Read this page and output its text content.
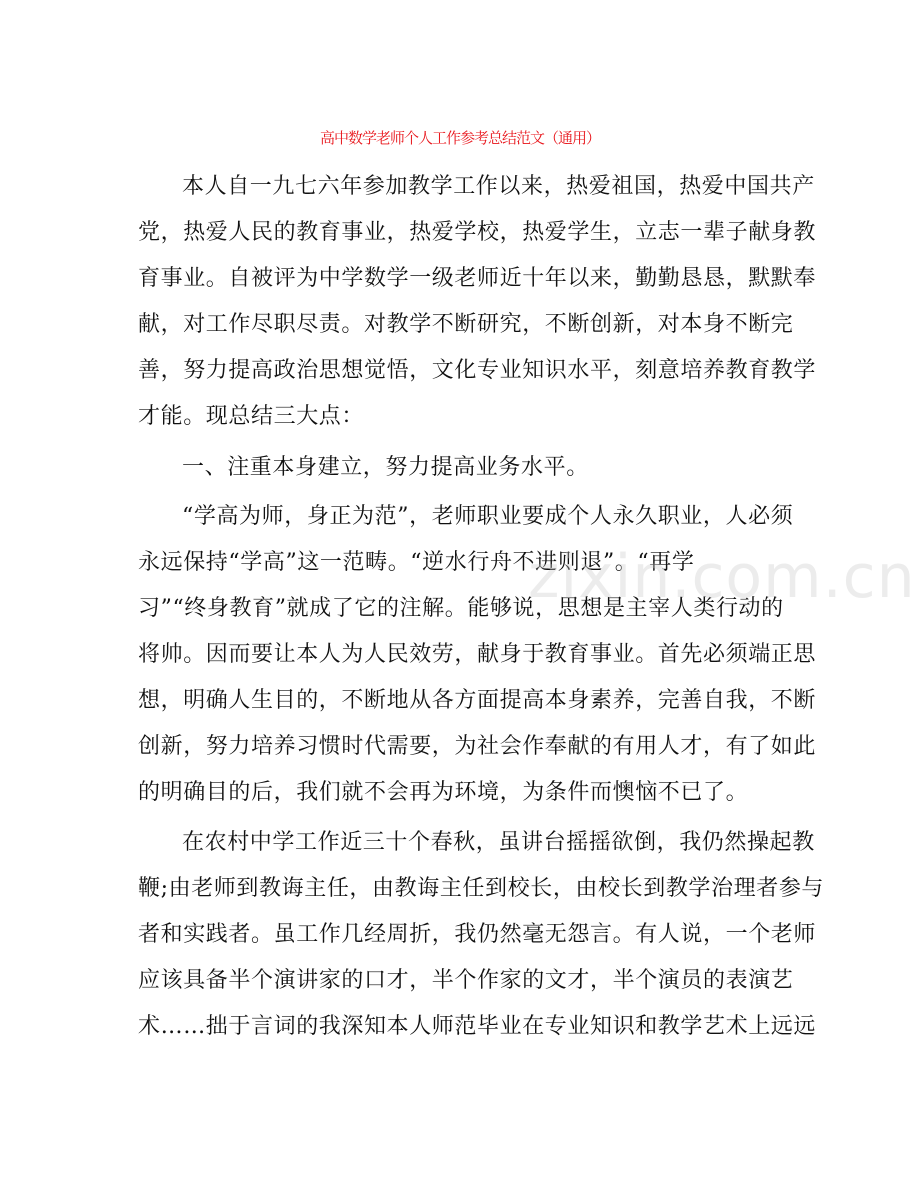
高中数学老师个人工作参考总结范文（通用）
本人自一九七六年参加教学工作以来，热爱祖国，热爱中国共产
党，热爱人民的教育事业，热爱学校，热爱学生，立志一辈子献身教
育事业。自被评为中学数学一级老师近十年以来，勤勤恳恳，默默奉
献，对工作尽职尽责。对教学不断研究，不断创新，对本身不断完
善，努力提高政治思想觉悟，文化专业知识水平，刻意培养教育教学
才能。现总结三大点：
一、注重本身建立，努力提高业务水平。
“学高为师，身正为范”，老师职业要成个人永久职业，人必须
永远保持“学高”这一范畴。“逆水行舟不进则退”。“再学
习”“终身教育”就成了它的注解。能够说，思想是主宰人类行动的
将帅。因而要让本人为人民效劳，献身于教育事业。首先必须端正思
想，明确人生目的，不断地从各方面提高本身素养，完善自我，不断
创新，努力培养习惯时代需要，为社会作奉献的有用人才，有了如此
的明确目的后，我们就不会再为环境，为条件而懊恼不已了。
在农村中学工作近三十个春秋，虽讲台摇摇欲倒，我仍然操起教
鞭;由老师到教诲主任，由教诲主任到校长，由校长到教学治理者参与
者和实践者。虽工作几经周折，我仍然毫无怨言。有人说，一个老师
应该具备半个演讲家的口才，半个作家的文才，半个演员的表演艺
术……拙于言词的我深知本人师范毕业在专业知识和教学艺术上远远
zixin.com.cn
